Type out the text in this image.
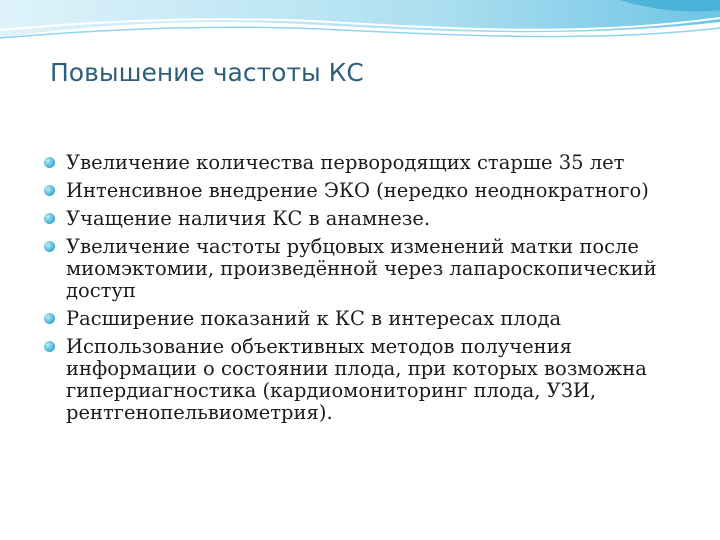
Повышение частоты КС
Увеличение количества первородящих старше 35 лет
Интенсивное внедрение ЭКО (нередко неоднократного)
Учащение наличия КС в анамнезе.
Увеличение частоты рубцовых изменений матки после миомэктомии, произведённой через лапароскопический доступ
Расширение показаний к КС в интересах плода
Использование объективных методов получения информации о состоянии плода, при которых возможна гипердиагностика (кардиомониторинг плода, УЗИ, рентгенопельвиометрия).
